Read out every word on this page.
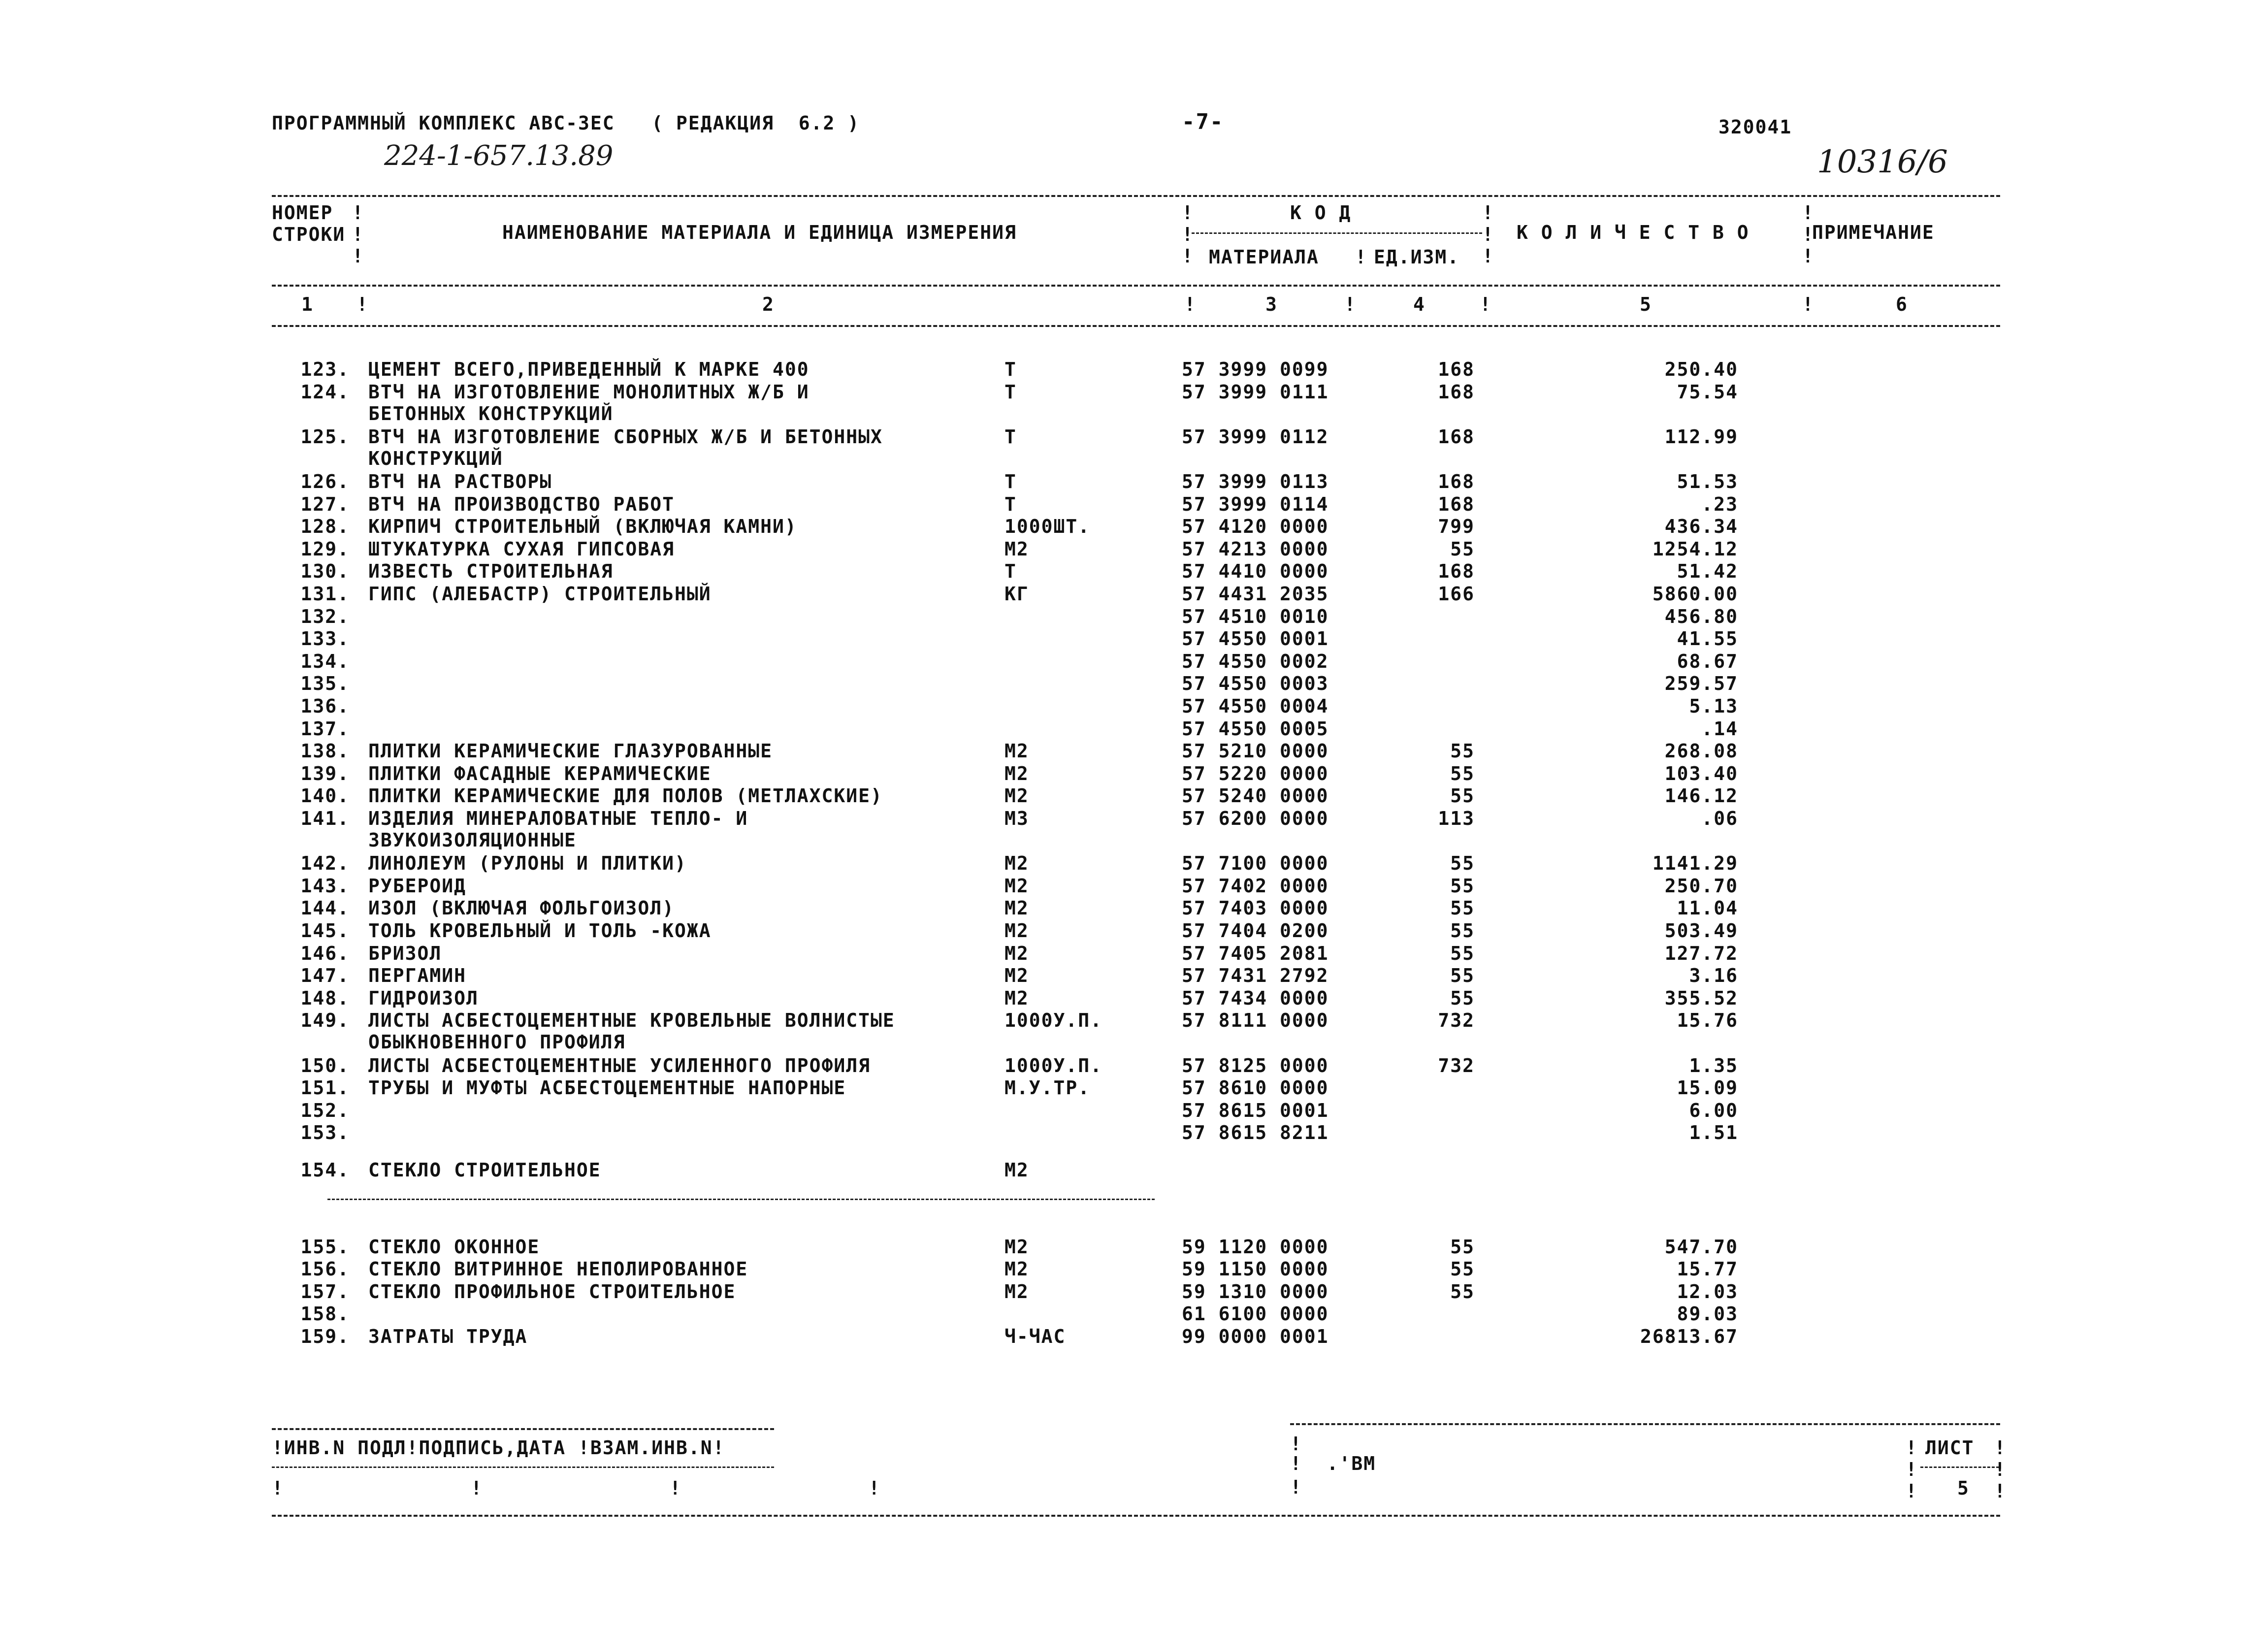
ПРОГРАММНЫЙ КОМПЛЕКС АВС-ЗЕС   ( РЕДАКЦИЯ  6.2 )	-7-	320041
224-1-657.13.89	10316/6
НОМЕР
СТРОКИ	НАИМЕНОВАНИЕ МАТЕРИАЛА И ЕДИНИЦА ИЗМЕРЕНИЯ
К О Д
МАТЕРИАЛА	ЕД.ИЗМ.
К О Л И Ч Е С Т В О	ПРИМЕЧАНИЕ
!
!
!
!
!
!
!
!
!
!
!
!
!
1	2	3	4	5	6
!	!	!	!	!
123. ЦЕМЕНТ ВСЕГО,ПРИВЕДЕННЫЙ К МАРКЕ 400	Т	57 3999 0099	168	250.40
124. ВТЧ НА ИЗГОТОВЛЕНИЕ МОНОЛИТНЫХ Ж/Б И
БЕТОННЫХ КОНСТРУКЦИЙ
Т	57 3999 0111	168	75.54
125. ВТЧ НА ИЗГОТОВЛЕНИЕ СБОРНЫХ Ж/Б И БЕТОННЫХ
КОНСТРУКЦИЙ
Т	57 3999 0112	168	112.99
126. ВТЧ НА РАСТВОРЫ	Т	57 3999 0113	168	51.53
127. ВТЧ НА ПРОИЗВОДСТВО РАБОТ	Т	57 3999 0114	168	.23
128. КИРПИЧ СТРОИТЕЛЬНЫЙ (ВКЛЮЧАЯ КАМНИ)	1000ШТ.	57 4120 0000	799	436.34
129. ШТУКАТУРКА СУХАЯ ГИПСОВАЯ	М2	57 4213 0000	55	1254.12
130. ИЗВЕСТЬ СТРОИТЕЛЬНАЯ	Т	57 4410 0000	168	51.42
131. ГИПС (АЛЕБАСТР) СТРОИТЕЛЬНЫЙ	КГ	57 4431 2035	166	5860.00
132.	57 4510 0010	456.80
133.	57 4550 0001	41.55
134.	57 4550 0002	68.67
135.	57 4550 0003	259.57
136.	57 4550 0004	5.13
137.	57 4550 0005	.14
138. ПЛИТКИ КЕРАМИЧЕСКИЕ ГЛАЗУРОВАННЫЕ	М2	57 5210 0000	55	268.08
139. ПЛИТКИ ФАСАДНЫЕ КЕРАМИЧЕСКИЕ	М2	57 5220 0000	55	103.40
140. ПЛИТКИ КЕРАМИЧЕСКИЕ ДЛЯ ПОЛОВ (МЕТЛАХСКИЕ)	М2	57 5240 0000	55	146.12
141. ИЗДЕЛИЯ МИНЕРАЛОВАТНЫЕ ТЕПЛО- И
ЗВУКОИЗОЛЯЦИОННЫЕ
М3	57 6200 0000	113	.06
142. ЛИНОЛЕУМ (РУЛОНЫ И ПЛИТКИ)	М2	57 7100 0000	55	1141.29
143. РУБЕРОИД	М2	57 7402 0000	55	250.70
144. ИЗОЛ (ВКЛЮЧАЯ ФОЛЬГОИЗОЛ)	М2	57 7403 0000	55	11.04
145. ТОЛЬ КРОВЕЛЬНЫЙ И ТОЛЬ -КОЖА	М2	57 7404 0200	55	503.49
146. БРИЗОЛ	М2	57 7405 2081	55	127.72
147. ПЕРГАМИН	М2	57 7431 2792	55	3.16
148. ГИДРОИЗОЛ	М2	57 7434 0000	55	355.52
149. ЛИСТЫ АСБЕСТОЦЕМЕНТНЫЕ КРОВЕЛЬНЫЕ ВОЛНИСТЫЕ
ОБЫКНОВЕННОГО ПРОФИЛЯ
1000У.П.	57 8111 0000	732	15.76
150. ЛИСТЫ АСБЕСТОЦЕМЕНТНЫЕ УСИЛЕННОГО ПРОФИЛЯ	1000У.П.	57 8125 0000	732	1.35
151. ТРУБЫ И МУФТЫ АСБЕСТОЦЕМЕНТНЫЕ НАПОРНЫЕ	М.У.ТР.	57 8610 0000	15.09
152.	57 8615 0001	6.00
153.	57 8615 8211	1.51
154. СТЕКЛО СТРОИТЕЛЬНОЕ	М2
155. СТЕКЛО ОКОННОЕ	М2	59 1120 0000	55	547.70
156. СТЕКЛО ВИТРИННОЕ НЕПОЛИРОВАННОЕ	М2	59 1150 0000	55	15.77
157. СТЕКЛО ПРОФИЛЬНОЕ СТРОИТЕЛЬНОЕ	М2	59 1310 0000	55	12.03
158.	61 6100 0000	89.03
159. ЗАТРАТЫ ТРУДА	Ч-ЧАС	99 0000 0001	26813.67
!ИНВ.N ПОДЛ!ПОДПИСЬ,ДАТА !ВЗАМ.ИНВ.N!
!        !        !        !
!  .'ВМ
!

!
!
!
!
ЛИСТ
5
!
!
!
